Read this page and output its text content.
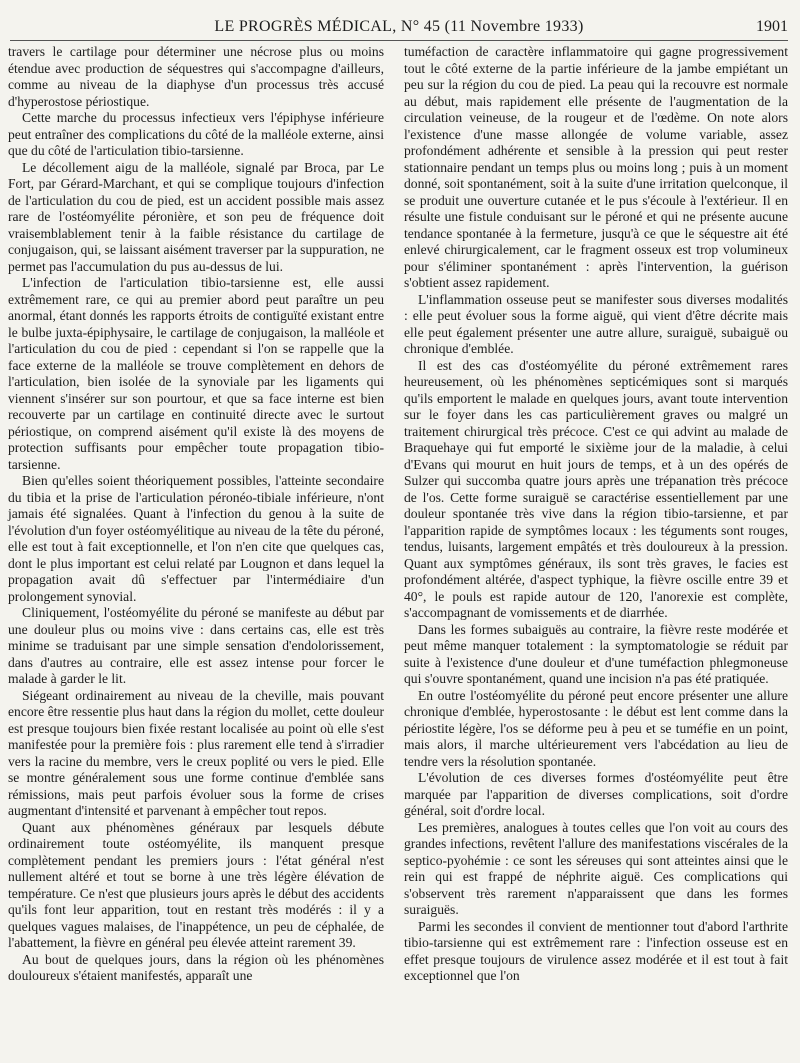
LE PROGRÈS MÉDICAL, N° 45 (11 Novembre 1933)	1901

travers le cartilage pour déterminer une nécrose plus ou moins étendue avec production de séquestres qui s'accompagne d'ailleurs, comme au niveau de la diaphyse d'un processus très accusé d'hyperostose périostique.

Cette marche du processus infectieux vers l'épiphyse inférieure peut entraîner des complications du côté de la malléole externe, ainsi que du côté de l'articulation tibio-tarsienne.

Le décollement aigu de la malléole, signalé par Broca, par Le Fort, par Gérard-Marchant, et qui se complique toujours d'infection de l'articulation du cou de pied, est un accident possible mais assez rare de l'ostéomyélite péronière, et son peu de fréquence doit vraisemblablement tenir à la faible résistance du cartilage de conjugaison, qui, se laissant aisément traverser par la suppuration, ne permet pas l'accumulation du pus au-dessus de lui.

L'infection de l'articulation tibio-tarsienne est, elle aussi extrêmement rare, ce qui au premier abord peut paraître un peu anormal, étant donnés les rapports étroits de contiguïté existant entre le bulbe juxta-épiphysaire, le cartilage de conjugaison, la malléole et l'articulation du cou de pied : cependant si l'on se rappelle que la face externe de la malléole se trouve complètement en dehors de l'articulation, bien isolée de la synoviale par les ligaments qui viennent s'insérer sur son pourtour, et que sa face interne est bien recouverte par un cartilage en continuité directe avec le surtout périostique, on comprend aisément qu'il existe là des moyens de protection suffisants pour empêcher toute propagation tibio-tarsienne.

Bien qu'elles soient théoriquement possibles, l'atteinte secondaire du tibia et la prise de l'articulation péronéo-tibiale inférieure, n'ont jamais été signalées. Quant à l'infection du genou à la suite de l'évolution d'un foyer ostéomyélitique au niveau de la tête du péroné, elle est tout à fait exceptionnelle, et l'on n'en cite que quelques cas, dont le plus important est celui relaté par Lougnon et dans lequel la propagation avait dû s'effectuer par l'intermédiaire d'un prolongement synovial.

Cliniquement, l'ostéomyélite du péroné se manifeste au début par une douleur plus ou moins vive : dans certains cas, elle est très minime se traduisant par une simple sensation d'endolorissement, dans d'autres au contraire, elle est assez intense pour forcer le malade à garder le lit.

Siégeant ordinairement au niveau de la cheville, mais pouvant encore être ressentie plus haut dans la région du mollet, cette douleur est presque toujours bien fixée restant localisée au point où elle s'est manifestée pour la première fois : plus rarement elle tend à s'irradier vers la racine du membre, vers le creux poplité ou vers le pied. Elle se montre généralement sous une forme continue d'emblée sans rémissions, mais peut parfois évoluer sous la forme de crises augmentant d'intensité et parvenant à empêcher tout repos.

Quant aux phénomènes généraux par lesquels débute ordinairement toute ostéomyélite, ils manquent presque complètement pendant les premiers jours : l'état général n'est nullement altéré et tout se borne à une très légère élévation de température. Ce n'est que plusieurs jours après le début des accidents qu'ils font leur apparition, tout en restant très modérés : il y a quelques vagues malaises, de l'inappétence, un peu de céphalée, de l'abattement, la fièvre en général peu élevée atteint rarement 39.

Au bout de quelques jours, dans la région où les phénomènes douloureux s'étaient manifestés, apparaît une

tuméfaction de caractère inflammatoire qui gagne progressivement tout le côté externe de la partie inférieure de la jambe empiétant un peu sur la région du cou de pied. La peau qui la recouvre est normale au début, mais rapidement elle présente de l'augmentation de la circulation veineuse, de la rougeur et de l'œdème. On note alors l'existence d'une masse allongée de volume variable, assez profondément adhérente et sensible à la pression qui peut rester stationnaire pendant un temps plus ou moins long ; puis à un moment donné, soit spontanément, soit à la suite d'une irritation quelconque, il se produit une ouverture cutanée et le pus s'écoule à l'extérieur. Il en résulte une fistule conduisant sur le péroné et qui ne présente aucune tendance spontanée à la fermeture, jusqu'à ce que le séquestre ait été enlevé chirurgicalement, car le fragment osseux est trop volumineux pour s'éliminer spontanément : après l'intervention, la guérison s'obtient assez rapidement.

L'inflammation osseuse peut se manifester sous diverses modalités : elle peut évoluer sous la forme aiguë, qui vient d'être décrite mais elle peut également présenter une autre allure, suraiguë, subaiguë ou chronique d'emblée.

Il est des cas d'ostéomyélite du péroné extrêmement rares heureusement, où les phénomènes septicémiques sont si marqués qu'ils emportent le malade en quelques jours, avant toute intervention sur le foyer dans les cas particulièrement graves ou malgré un traitement chirurgical très précoce. C'est ce qui advint au malade de Braquehaye qui fut emporté le sixième jour de la maladie, à celui d'Evans qui mourut en huit jours de temps, et à un des opérés de Sulzer qui succomba quatre jours après une trépanation très précoce de l'os. Cette forme suraiguë se caractérise essentiellement par une douleur spontanée très vive dans la région tibio-tarsienne, et par l'apparition rapide de symptômes locaux : les téguments sont rouges, tendus, luisants, largement empâtés et très douloureux à la pression. Quant aux symptômes généraux, ils sont très graves, le facies est profondément altérée, d'aspect typhique, la fièvre oscille entre 39 et 40°, le pouls est rapide autour de 120, l'anorexie est complète, s'accompagnant de vomissements et de diarrhée.

Dans les formes subaiguës au contraire, la fièvre reste modérée et peut même manquer totalement : la symptomatologie se réduit par suite à l'existence d'une douleur et d'une tuméfaction phlegmoneuse qui s'ouvre spontanément, quand une incision n'a pas été pratiquée.

En outre l'ostéomyélite du péroné peut encore présenter une allure chronique d'emblée, hyperostosante : le début est lent comme dans la périostite légère, l'os se déforme peu à peu et se tuméfie en un point, mais alors, il marche ultérieurement vers l'abcédation au lieu de tendre vers la résolution spontanée.

L'évolution de ces diverses formes d'ostéomyélite peut être marquée par l'apparition de diverses complications, soit d'ordre général, soit d'ordre local.

Les premières, analogues à toutes celles que l'on voit au cours des grandes infections, revêtent l'allure des manifestations viscérales de la septico-pyohémie : ce sont les séreuses qui sont atteintes ainsi que le rein qui est frappé de néphrite aiguë. Ces complications qui s'observent très rarement n'apparaissent que dans les formes suraiguës.

Parmi les secondes il convient de mentionner tout d'abord l'arthrite tibio-tarsienne qui est extrêmement rare : l'infection osseuse est en effet presque toujours de virulence assez modérée et il est tout à fait exceptionnel que l'on
